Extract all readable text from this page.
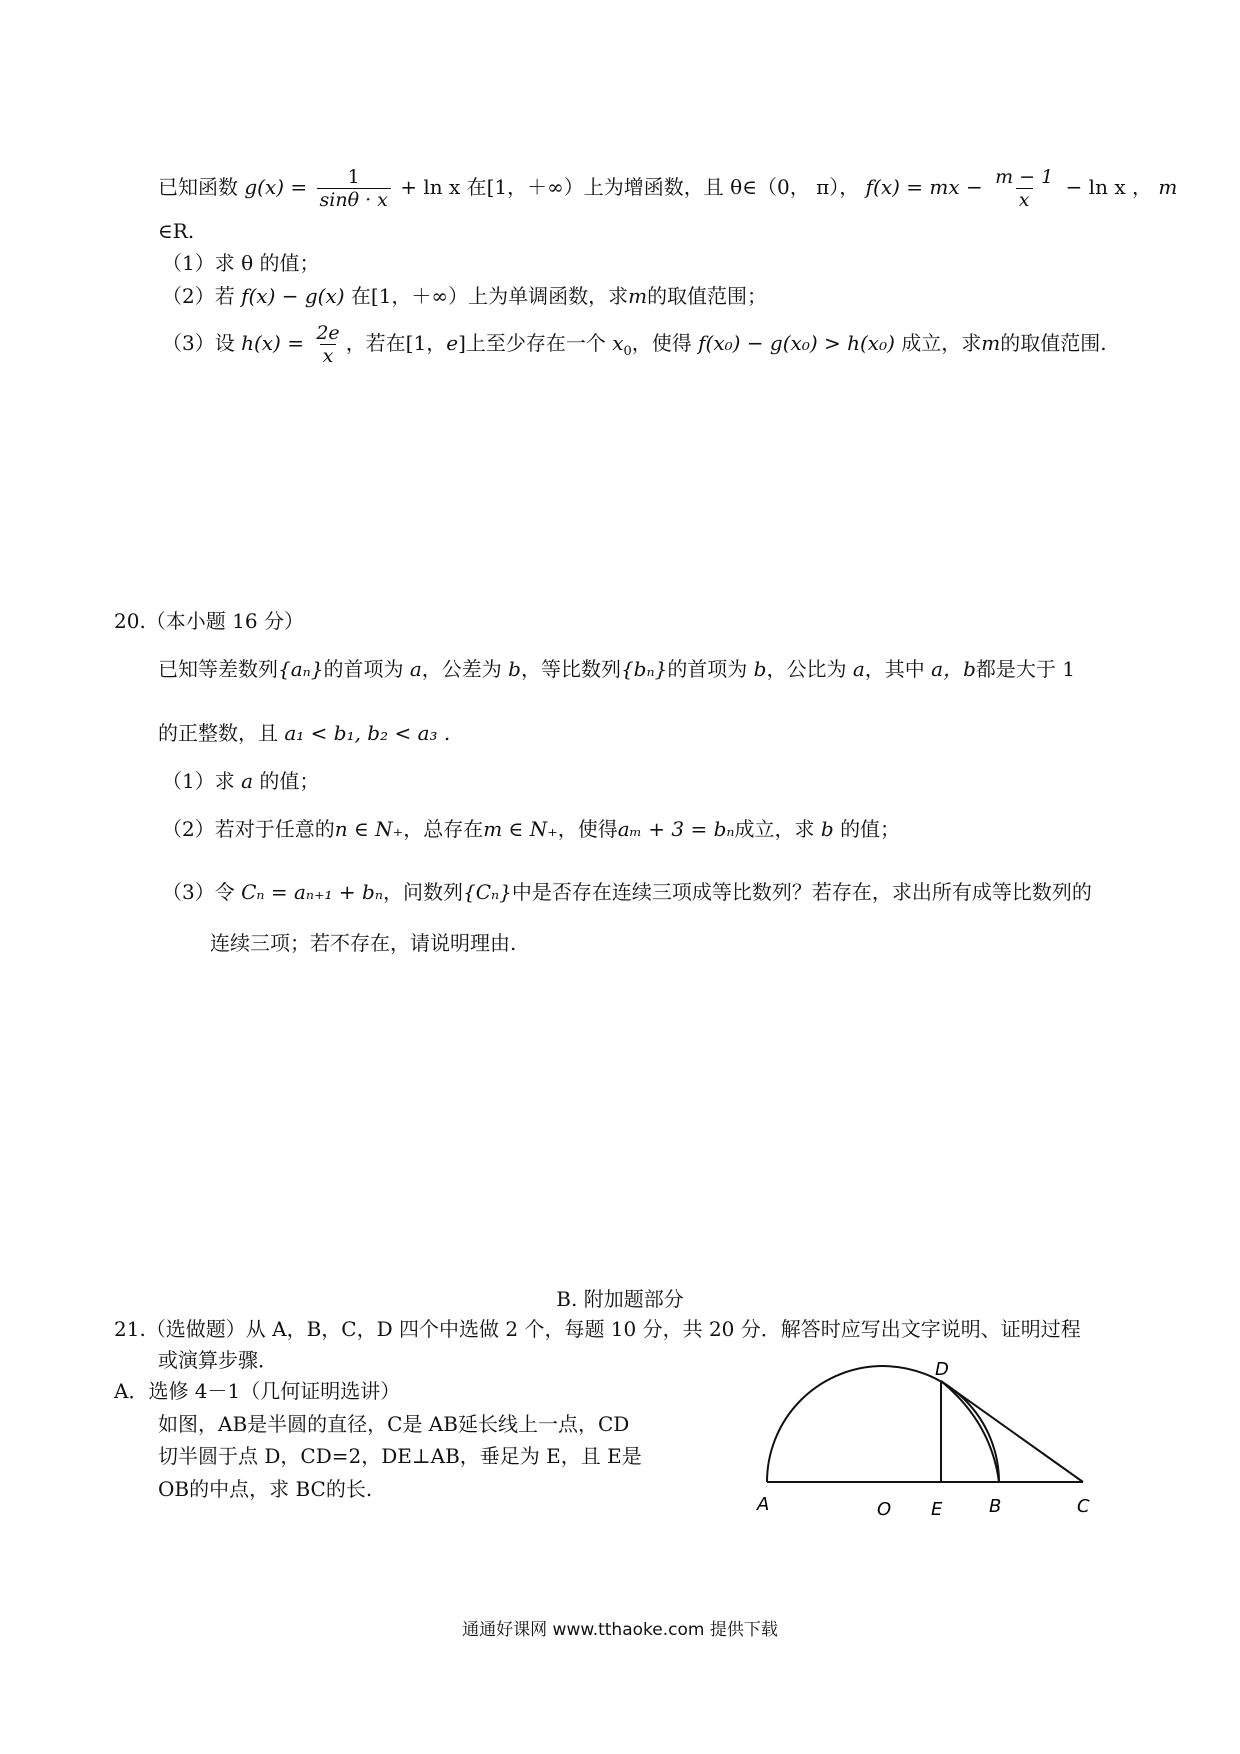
已知函数 $g(x) = \frac{1}{\sin\theta \cdot x} + \ln x$ 在[1，＋∞）上为增函数，且 θ∈（0， π）， f(x) = mx − $\frac{m - 1}{x} - \ln x$ ， m
∈R.
（1）求 θ 的值；
（2）若 f(x) − g(x) 在[1，＋∞）上为单调函数，求m的取值范围；
（3）设 $h(x) = \frac{2e}{x}$ ，若在[1，e]上至少存在一个 $x_0$，使得 f(x₀) − g(x₀) > h(x₀) 成立，求m的取值范围.
20.（本小题 16 分）
已知等差数列{aₙ}的首项为 a，公差为 b，等比数列{bₙ}的首项为 b，公比为 a，其中 a，b都是大于 1
的正整数，且 a₁ < b₁, b₂ < a₃ .
（1）求 a 的值；
（2）若对于任意的n ∈ N₊，总存在m ∈ N₊，使得aₘ + 3 = bₙ成立，求 b 的值；
（3）令 Cₙ = aₙ₊₁ + bₙ，问数列{Cₙ}中是否存在连续三项成等比数列？若存在，求出所有成等比数列的
连续三项；若不存在，请说明理由.
B. 附加题部分
21.（选做题）从 A，B，C，D 四个中选做 2 个，每题 10 分，共 20 分．解答时应写出文字说明、证明过程
或演算步骤．
A．选修 4－1（几何证明选讲）
如图，AB是半圆的直径，C是 AB延长线上一点，CD
切半圆于点 D，CD=2，DE⊥AB，垂足为 E，且 E是
OB的中点，求 BC的长.
A	O E	B	C
D
通通好课网 www.tthaoke.com 提供下载
